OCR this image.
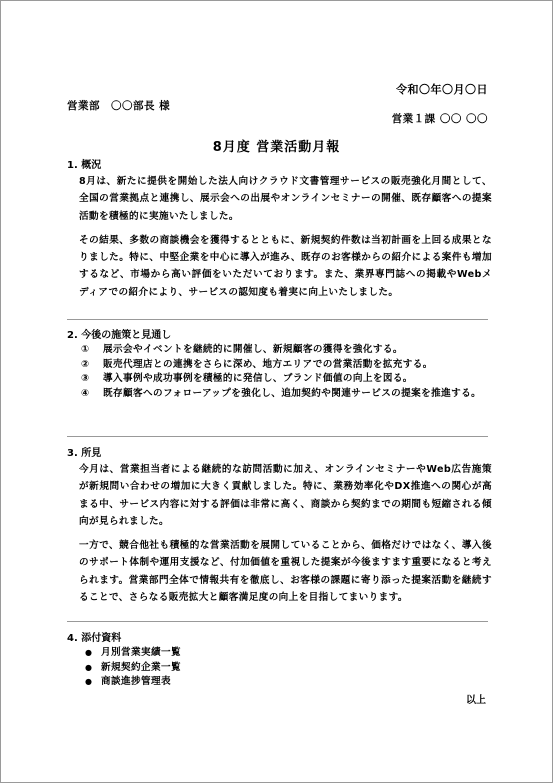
令和〇年〇月〇日
営業部　〇〇部長 様
営業１課 〇〇 〇〇
8月度 営業活動月報

1. 概況

8月は、新たに提供を開始した法人向けクラウド文書管理サービスの販売強化月間として、全国の営業拠点と連携し、展示会への出展やオンラインセミナーの開催、既存顧客への提案活動を積極的に実施いたしました。

その結果、多数の商談機会を獲得するとともに、新規契約件数は当初計画を上回る成果となりました。特に、中堅企業を中心に導入が進み、既存のお客様からの紹介による案件も増加するなど、市場から高い評価をいただいております。また、業界専門誌への掲載やWebメディアでの紹介により、サービスの認知度も着実に向上いたしました。

2. 今後の施策と見通し

① 展示会やイベントを継続的に開催し、新規顧客の獲得を強化する。
② 販売代理店との連携をさらに深め、地方エリアでの営業活動を拡充する。
③ 導入事例や成功事例を積極的に発信し、ブランド価値の向上を図る。
④ 既存顧客へのフォローアップを強化し、追加契約や関連サービスの提案を推進する。

3. 所見

今月は、営業担当者による継続的な訪問活動に加え、オンラインセミナーやWeb広告施策が新規問い合わせの増加に大きく貢献しました。特に、業務効率化やDX推進への関心が高まる中、サービス内容に対する評価は非常に高く、商談から契約までの期間も短縮される傾向が見られました。

一方で、競合他社も積極的な営業活動を展開していることから、価格だけではなく、導入後のサポート体制や運用支援など、付加価値を重視した提案が今後ますます重要になると考えられます。営業部門全体で情報共有を徹底し、お客様の課題に寄り添った提案活動を継続することで、さらなる販売拡大と顧客満足度の向上を目指してまいります。

4. 添付資料

● 月別営業実績一覧
● 新規契約企業一覧
● 商談進捗管理表
以上
